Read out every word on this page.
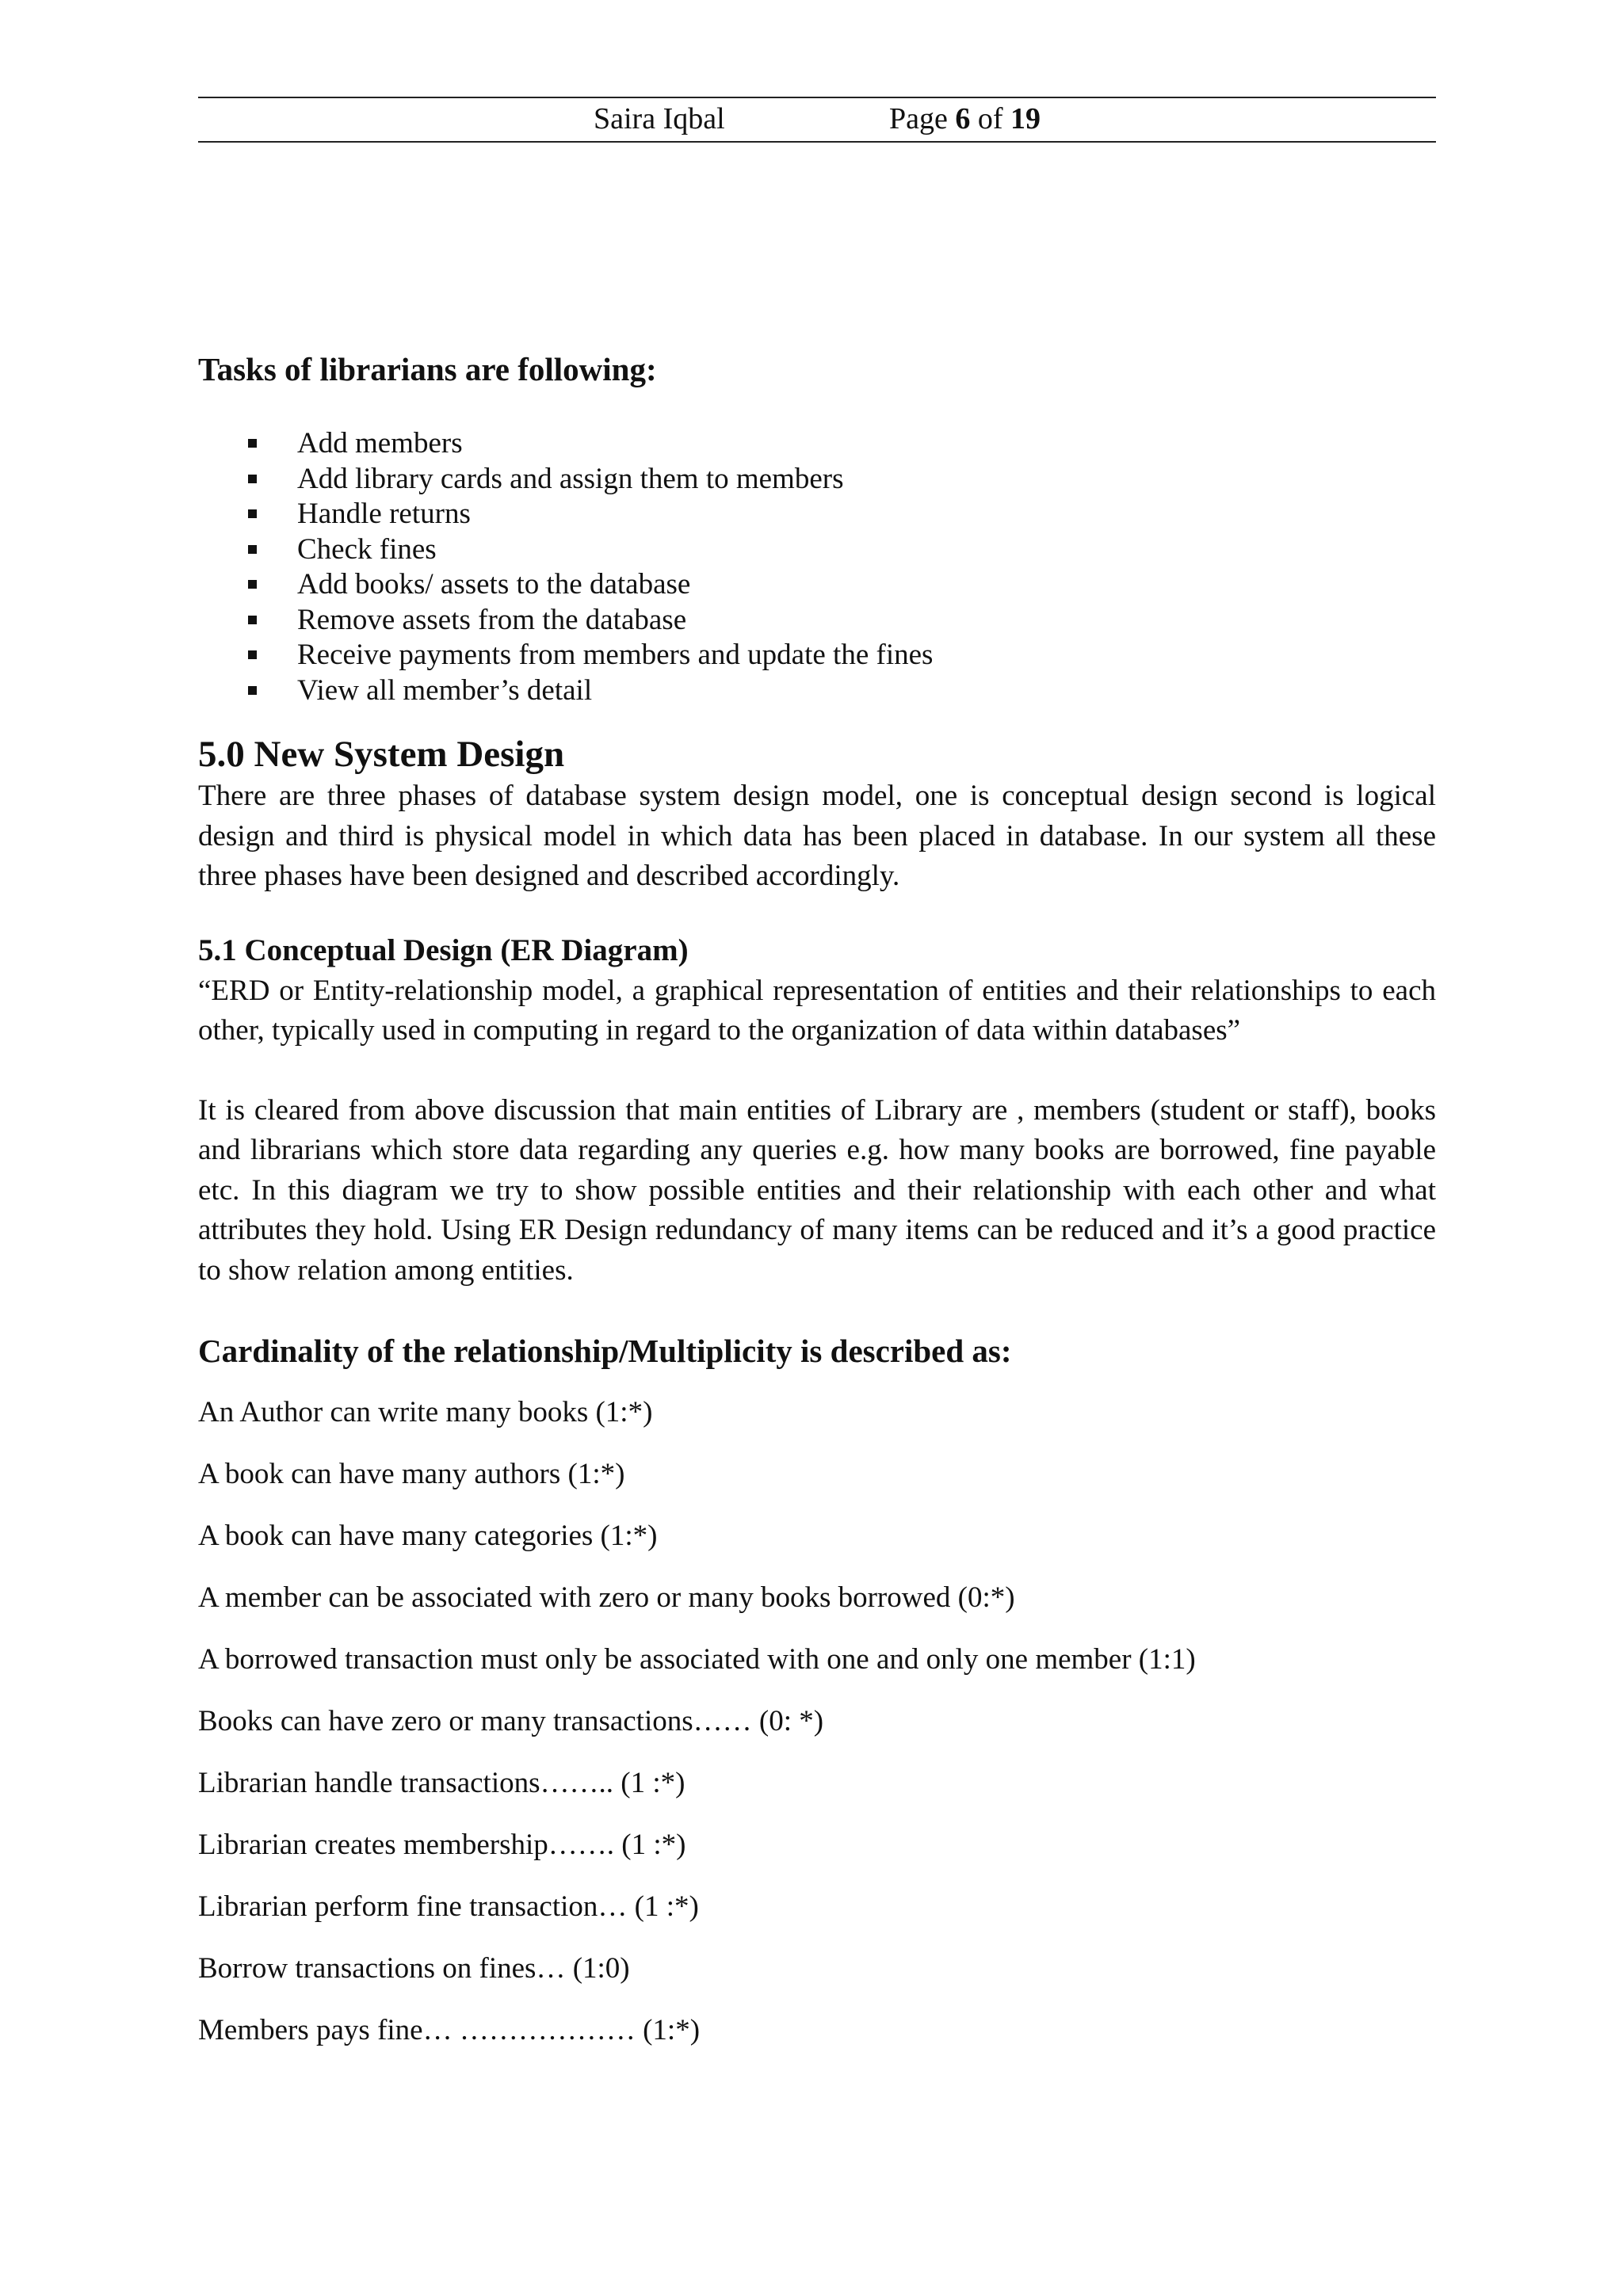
Saira Iqbal	Page 6 of 19
Tasks of librarians are following:
Add members
Add library cards and assign them to members
Handle returns
Check fines
Add books/ assets to the database
Remove assets from the database
Receive payments from members and update the fines
View all member’s detail
5.0 New System Design

There are three phases of database system design model, one is conceptual design second is logical design and third is physical model in which data has been placed in database. In our system all these three phases have been designed and described accordingly.

5.1 Conceptual Design (ER Diagram)

“ERD or Entity-relationship model, a graphical representation of entities and their relationships to each other, typically used in computing in regard to the organization of data within databases”

It is cleared from above discussion that main entities of Library are , members (student or staff), books and librarians which store data regarding any queries e.g. how many books are borrowed, fine payable etc. In this diagram we try to show possible entities and their relationship with each other and what attributes they hold. Using ER Design redundancy of many items can be reduced and it’s a good practice to show relation among entities.

Cardinality of the relationship/Multiplicity is described as:

An Author can write many books (1:*)

A book can have many authors (1:*)

A book can have many categories (1:*)

A member can be associated with zero or many books borrowed (0:*)

A borrowed transaction must only be associated with one and only one member (1:1)

Books can have zero or many transactions…… (0: *)

Librarian handle transactions…….. (1 :*)

Librarian creates membership……. (1 :*)

Librarian perform fine transaction… (1 :*)

Borrow transactions on fines… (1:0)

Members pays fine… ……………… (1:*)
